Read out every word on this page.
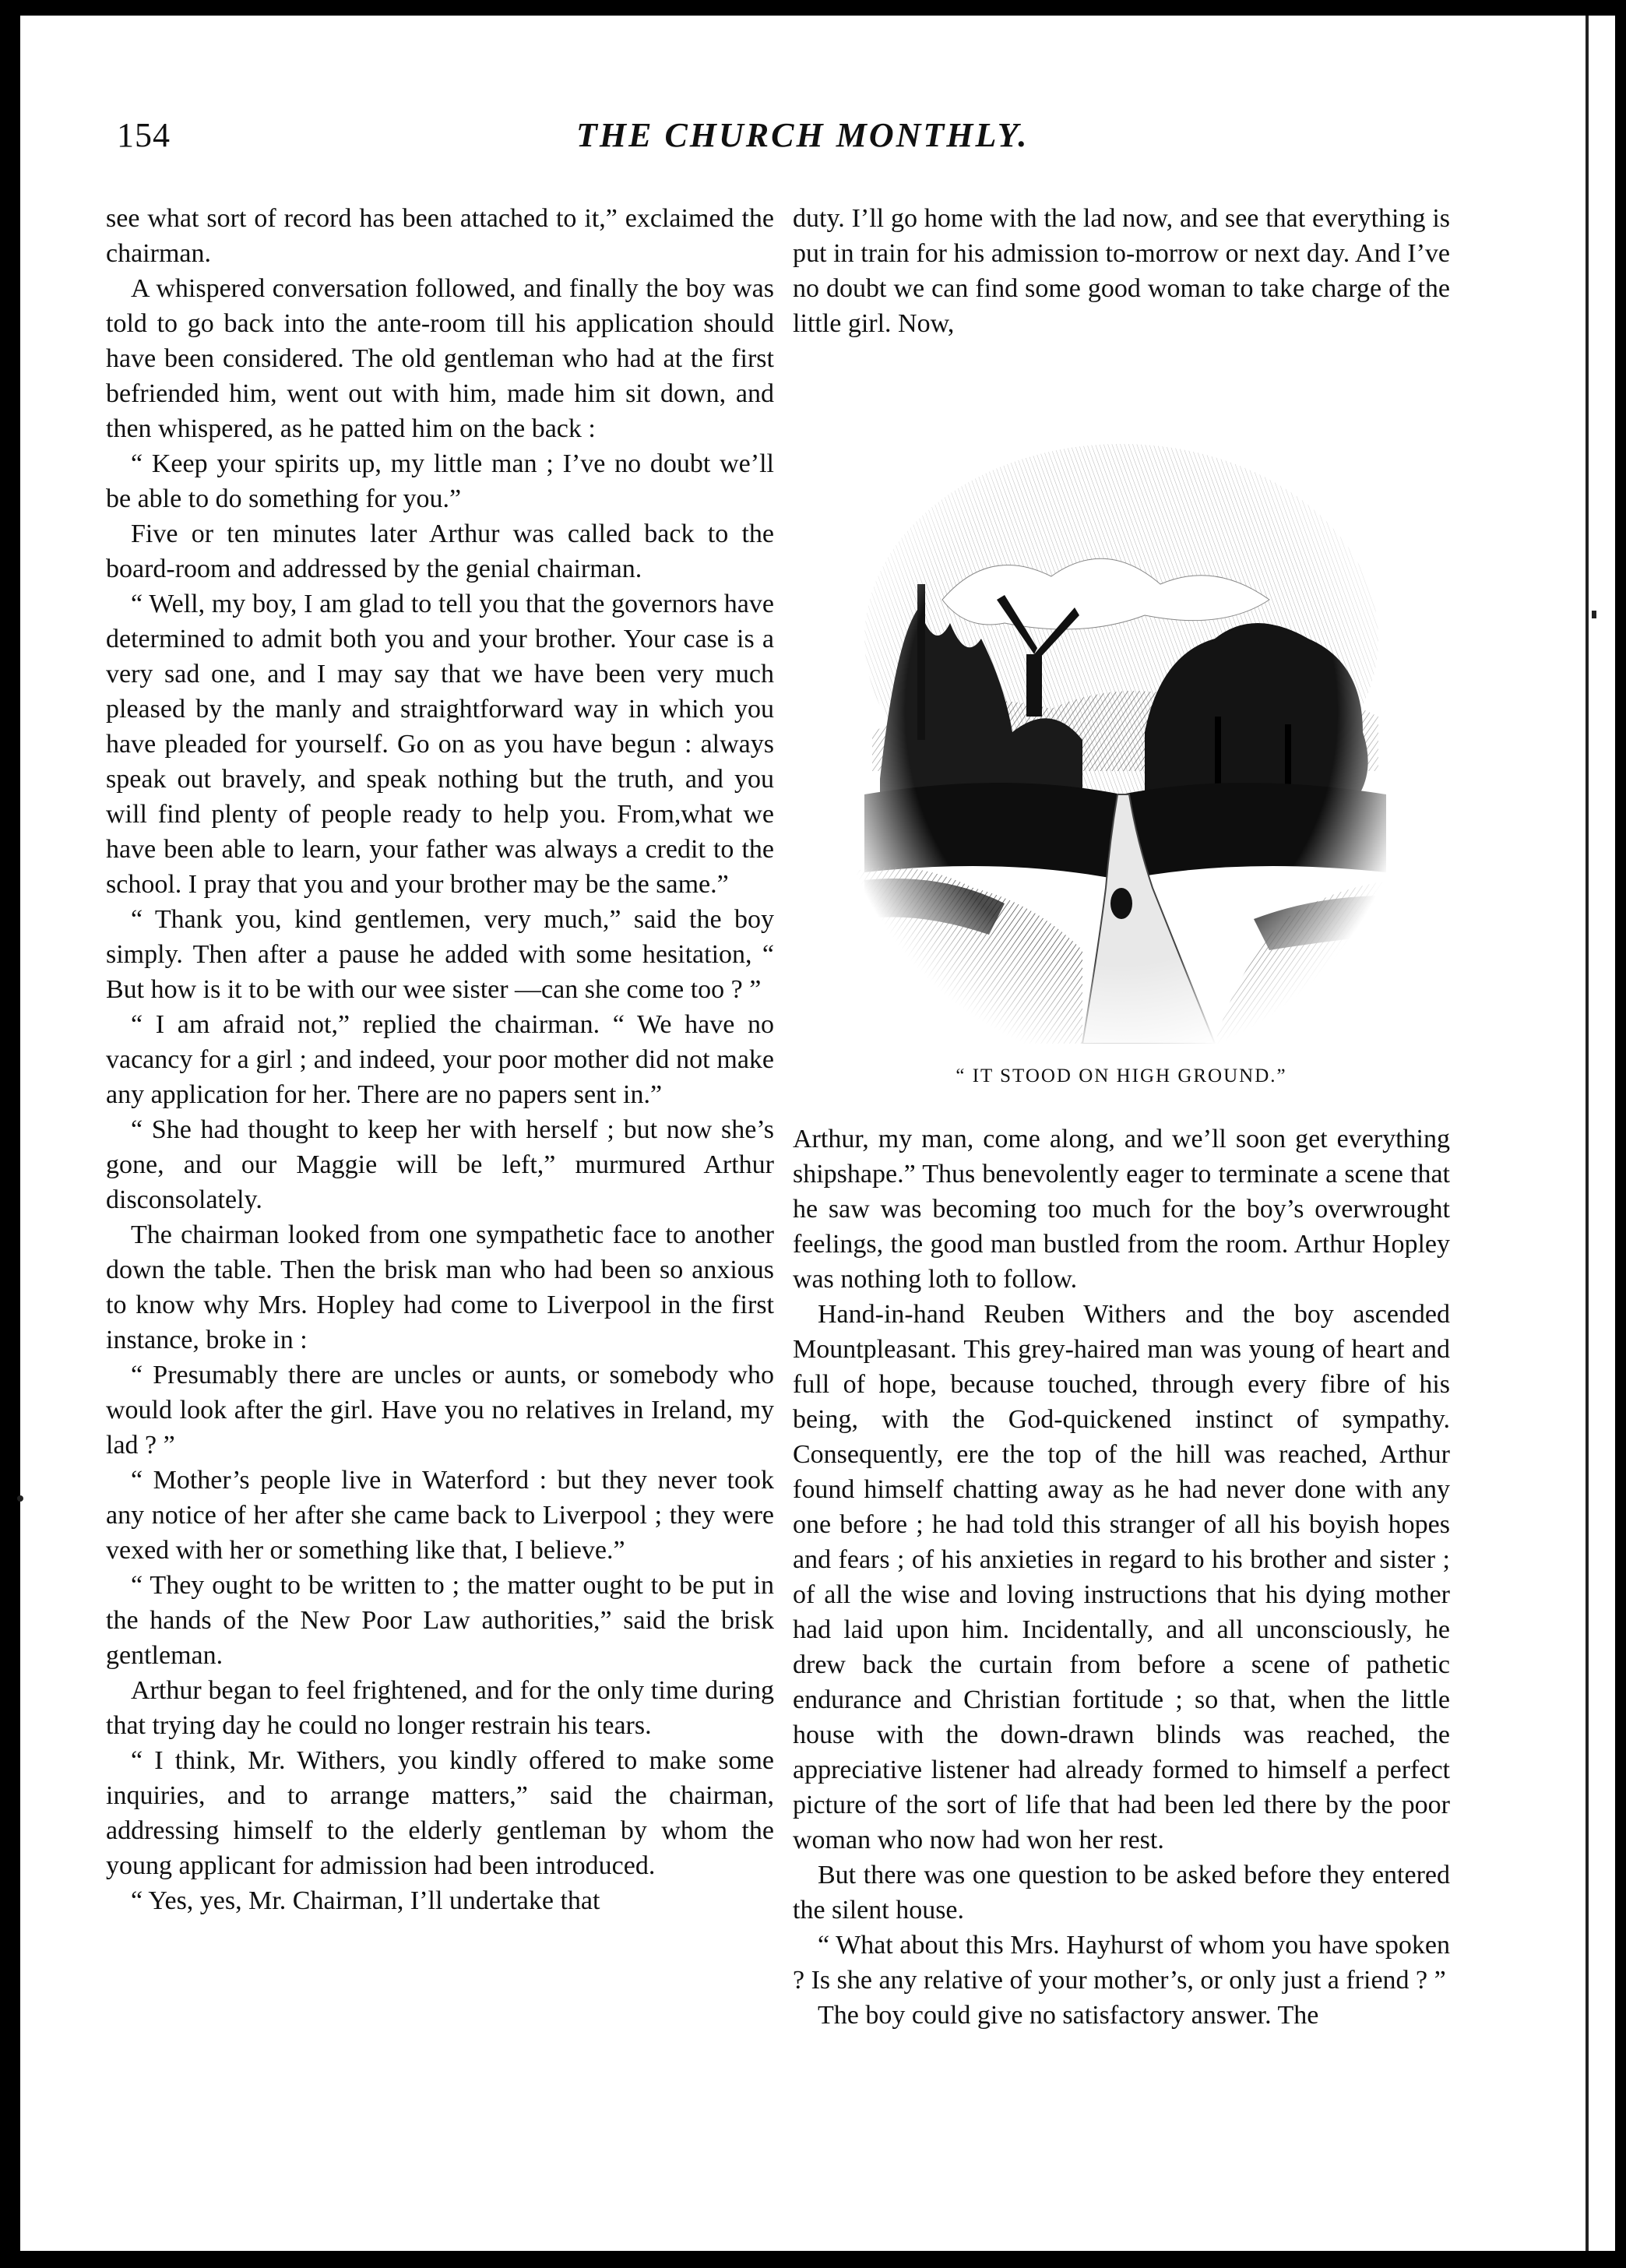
154	THE CHURCH MONTHLY.

see what sort of record has been attached to it,” exclaimed the chairman.

A whispered conversation followed, and finally the boy was told to go back into the ante-room till his application should have been considered. The old gentleman who had at the first befriended him, went out with him, made him sit down, and then whispered, as he patted him on the back :

“ Keep your spirits up, my little man ; I’ve no doubt we’ll be able to do something for you.”

Five or ten minutes later Arthur was called back to the board-room and addressed by the genial chairman.

“ Well, my boy, I am glad to tell you that the governors have determined to admit both you and your brother. Your case is a very sad one, and I may say that we have been very much pleased by the manly and straightforward way in which you have pleaded for yourself. Go on as you have begun : always speak out bravely, and speak nothing but the truth, and you will find plenty of people ready to help you. From,what we have been able to learn, your father was always a credit to the school. I pray that you and your brother may be the same.”

“ Thank you, kind gentlemen, very much,” said the boy simply. Then after a pause he added with some hesitation, “ But how is it to be with our wee sister —can she come too ? ”

“ I am afraid not,” replied the chairman. “ We have no vacancy for a girl ; and indeed, your poor mother did not make any application for her. There are no papers sent in.”

“ She had thought to keep her with herself ; but now she’s gone, and our Maggie will be left,” murmured Arthur disconsolately.

The chairman looked from one sympathetic face to another down the table. Then the brisk man who had been so anxious to know why Mrs. Hopley had come to Liverpool in the first instance, broke in :

“ Presumably there are uncles or aunts, or somebody who would look after the girl. Have you no relatives in Ireland, my lad ? ”

“ Mother’s people live in Waterford : but they never took any notice of her after she came back to Liverpool ; they were vexed with her or something like that, I believe.”

“ They ought to be written to ; the matter ought to be put in the hands of the New Poor Law authorities,” said the brisk gentleman.

Arthur began to feel frightened, and for the only time during that trying day he could no longer restrain his tears.

“ I think, Mr. Withers, you kindly offered to make some inquiries, and to arrange matters,” said the chairman, addressing himself to the elderly gentleman by whom the young applicant for admission had been introduced.

“ Yes, yes, Mr. Chairman, I’ll undertake that

duty. I’ll go home with the lad now, and see that everything is put in train for his admission to-morrow or next day. And I’ve no doubt we can find some good woman to take charge of the little girl. Now,

“ IT STOOD ON HIGH GROUND.”

Arthur, my man, come along, and we’ll soon get everything shipshape.” Thus benevolently eager to terminate a scene that he saw was becoming too much for the boy’s overwrought feelings, the good man bustled from the room. Arthur Hopley was nothing loth to follow.

Hand-in-hand Reuben Withers and the boy ascended Mountpleasant. This grey-haired man was young of heart and full of hope, because touched, through every fibre of his being, with the God-quickened instinct of sympathy. Consequently, ere the top of the hill was reached, Arthur found himself chatting away as he had never done with any one before ; he had told this stranger of all his boyish hopes and fears ; of his anxieties in regard to his brother and sister ; of all the wise and loving instructions that his dying mother had laid upon him. Incidentally, and all unconsciously, he drew back the curtain from before a scene of pathetic endurance and Christian fortitude ; so that, when the little house with the down-drawn blinds was reached, the appreciative listener had already formed to himself a perfect picture of the sort of life that had been led there by the poor woman who now had won her rest.

But there was one question to be asked before they entered the silent house.

“ What about this Mrs. Hayhurst of whom you have spoken ? Is she any relative of your mother’s, or only just a friend ? ”

The boy could give no satisfactory answer. The
